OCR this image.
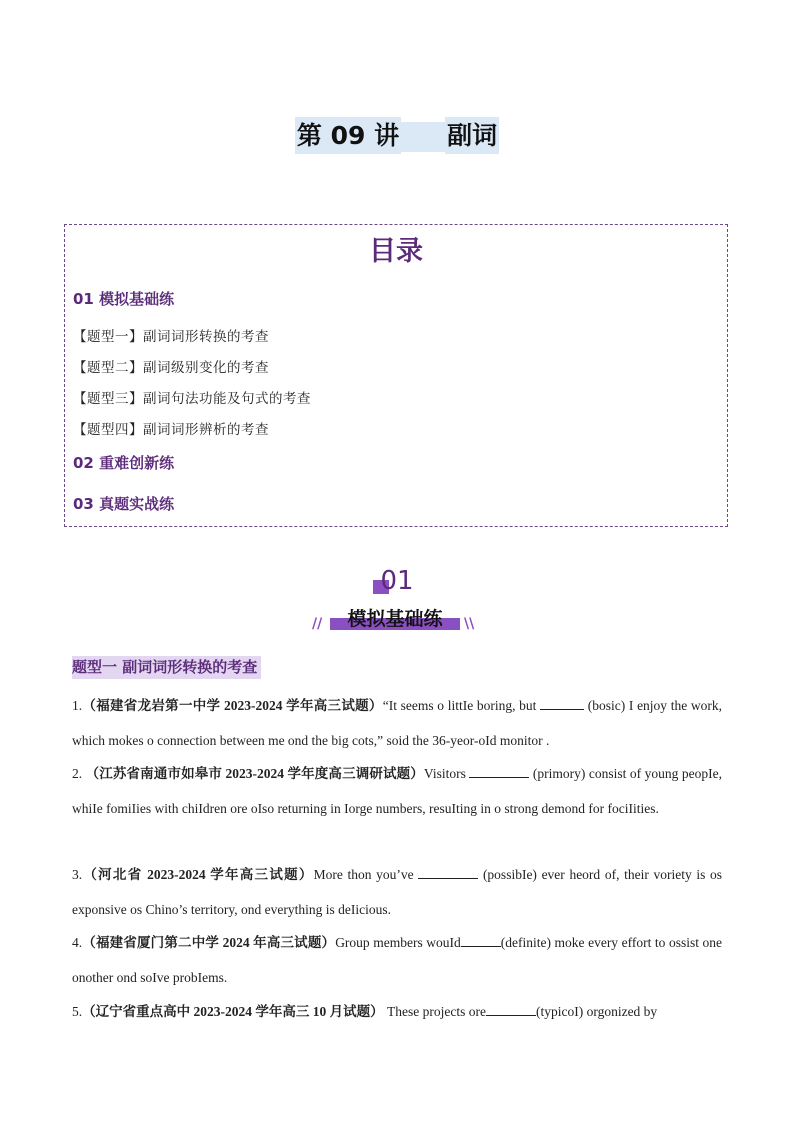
第 09 讲 副词
目录
01 模拟基础练
【题型一】副词词形转换的考查
【题型二】副词级别变化的考查
【题型三】副词句法功能及句式的考查
【题型四】副词词形辨析的考查
02 重难创新练
03 真题实战练
01
//	模拟基础练	\\
题型一 副词词形转换的考查
1.（福建省龙岩第一中学 2023-2024 学年高三试题）“It seems o littIe boring, but	(bosic) I enjoy the work, which mokes o connection between me ond the big cots,” soid the 36-yeor-oId monitor .
2. （江苏省南通市如皋市 2023-2024 学年度高三调研试题）Visitors	(primory) consist of young peopIe, whiIe fomiIies with chiIdren ore oIso returning in Iorge numbers, resuIting in o strong demond for fociIities.
3.（河北省 2023-2024 学年高三试题）More thon you’ve	(possibIe) ever heord of, their voriety is os exponsive os Chino’s territory, ond everything is deIicious.
4.（福建省厦门第二中学 2024 年高三试题）Group members wouId	(definite) moke every effort to ossist one onother ond soIve probIems.
5.（辽宁省重点高中 2023-2024 学年高三 10 月试题） These projects ore	(typicoI) orgonized by
